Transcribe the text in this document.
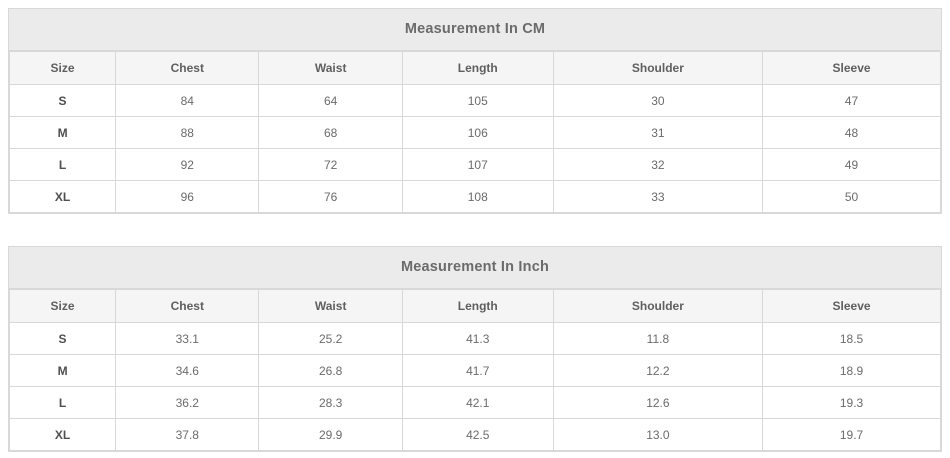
Measurement In CM
Size	Chest	Waist	Length	Shoulder	Sleeve
S	84	64	105	30	47
M	88	68	106	31	48
L	92	72	107	32	49
XL	96	76	108	33	50
Measurement In Inch
Size	Chest	Waist	Length	Shoulder	Sleeve
S	33.1	25.2	41.3	11.8	18.5
M	34.6	26.8	41.7	12.2	18.9
L	36.2	28.3	42.1	12.6	19.3
XL	37.8	29.9	42.5	13.0	19.7
